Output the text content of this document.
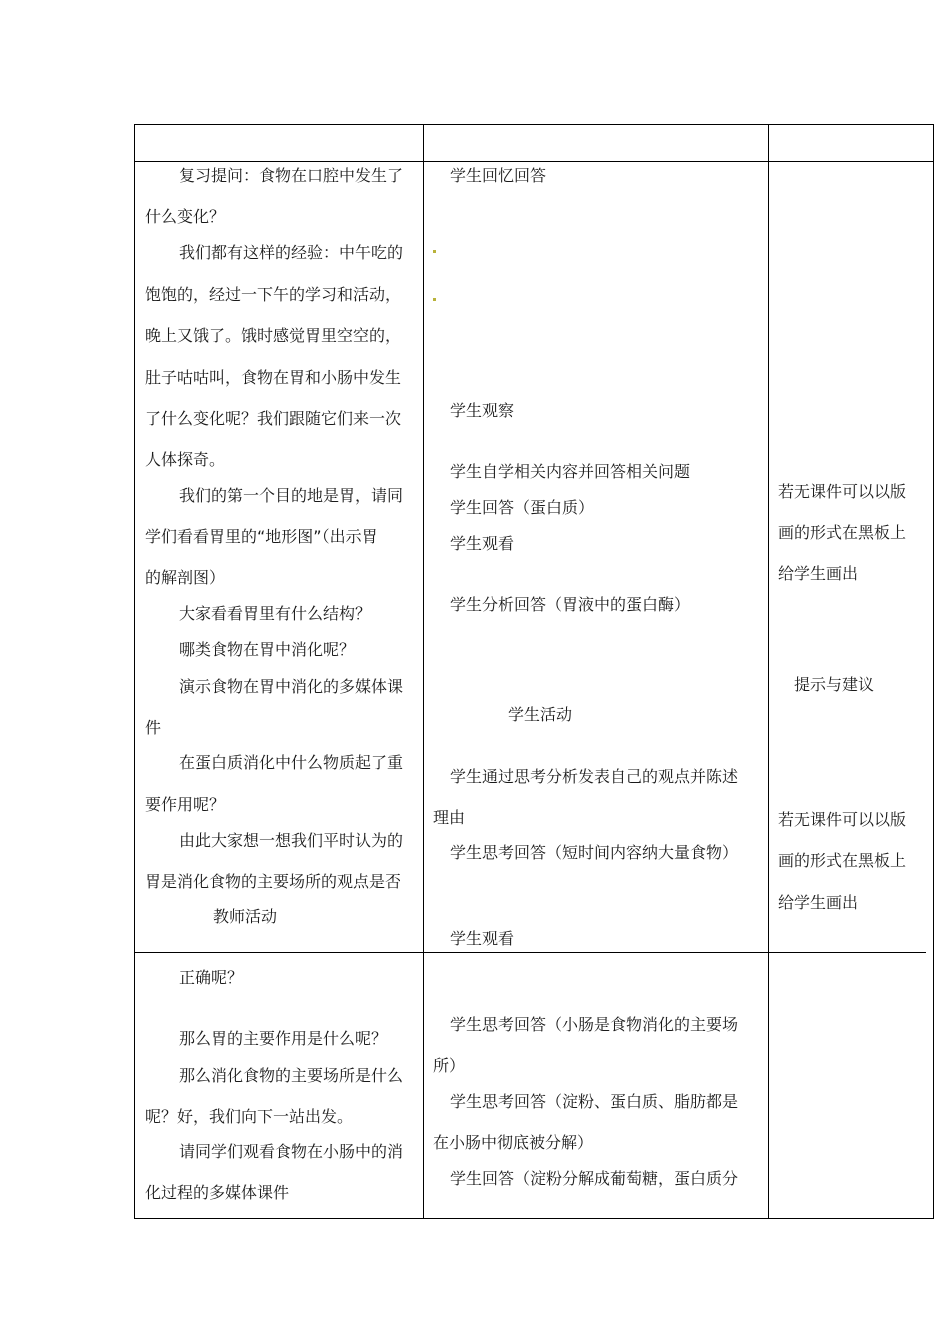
复习提问：食物在口腔中发生了
什么变化？
我们都有这样的经验：中午吃的
饱饱的，经过一下午的学习和活动，
晚上又饿了。饿时感觉胃里空空的，
肚子咕咕叫，食物在胃和小肠中发生
了什么变化呢？我们跟随它们来一次
人体探奇。
我们的第一个目的地是胃，请同
学们看看胃里的“地形图”（出示胃
的解剖图）
大家看看胃里有什么结构？
哪类食物在胃中消化呢？
演示食物在胃中消化的多媒体课
件
在蛋白质消化中什么物质起了重
要作用呢？
由此大家想一想我们平时认为的
胃是消化食物的主要场所的观点是否
教师活动
学生回忆回答
学生观察
学生自学相关内容并回答相关问题
学生回答（蛋白质）
学生观看
学生分析回答（胃液中的蛋白酶）
学生活动
学生通过思考分析发表自己的观点并陈述
理由
学生思考回答（短时间内容纳大量食物）
学生观看
若无课件可以以版
画的形式在黑板上
给学生画出
提示与建议
若无课件可以以版
画的形式在黑板上
给学生画出
正确呢？
那么胃的主要作用是什么呢？
那么消化食物的主要场所是什么
呢？好，我们向下一站出发。
请同学们观看食物在小肠中的消
化过程的多媒体课件
学生思考回答（小肠是食物消化的主要场
所）
学生思考回答（淀粉、蛋白质、脂肪都是
在小肠中彻底被分解）
学生回答（淀粉分解成葡萄糖，蛋白质分
